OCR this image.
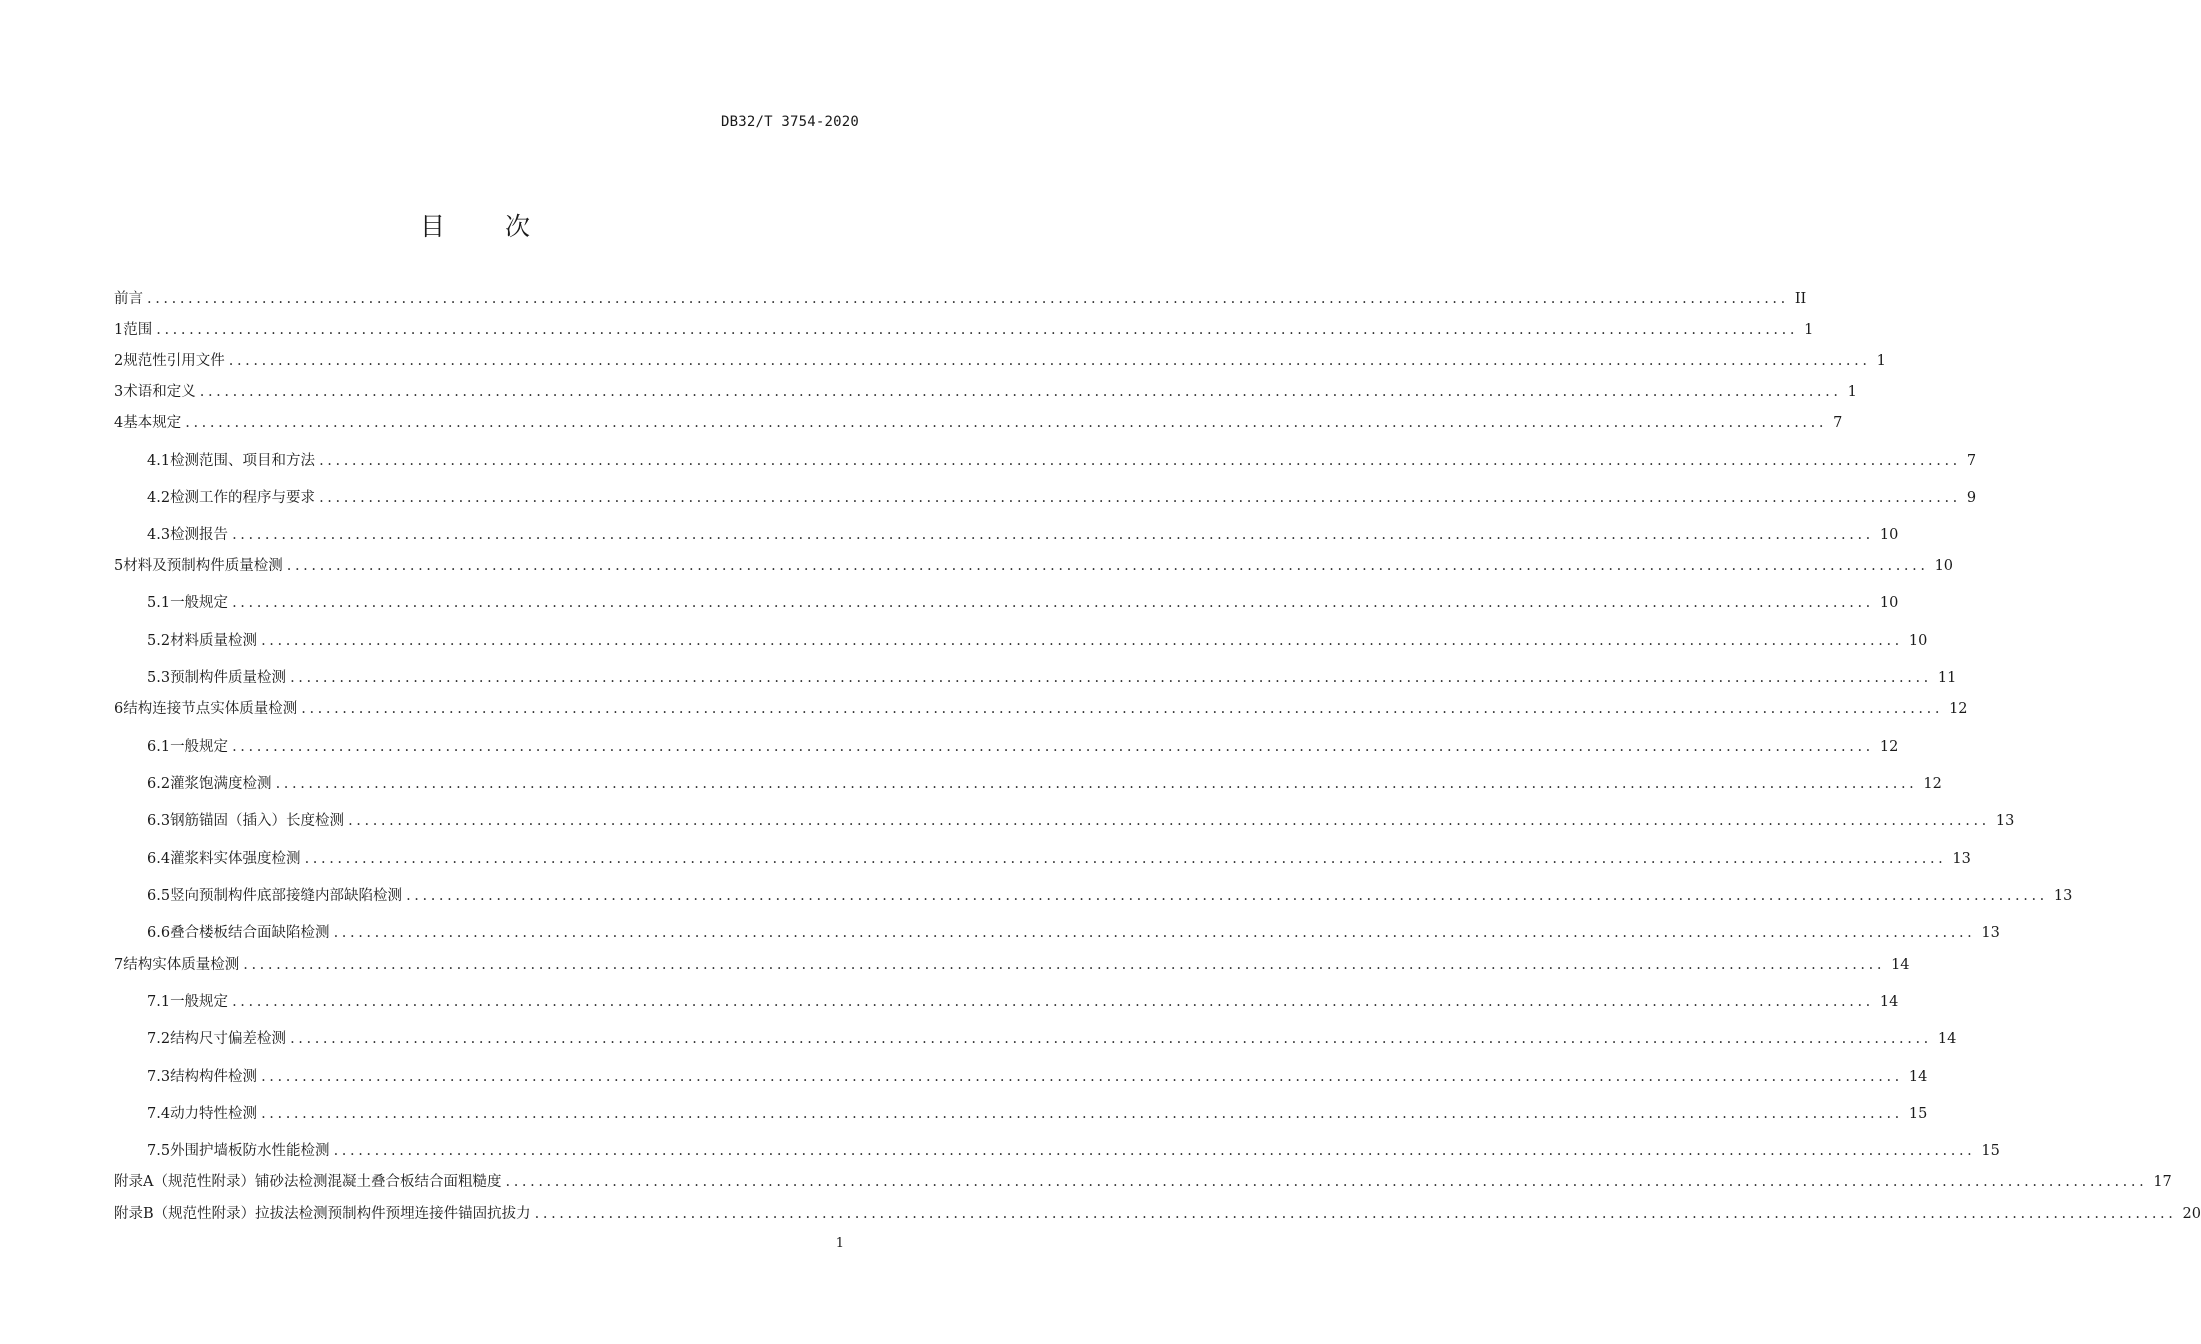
DB32/T 3754-2020
目 次
前言 ........................................................................................................................................................................................................ II
1 范围 ........................................................................................................................................................................................................ 1
2 规范性引用文件 ........................................................................................................................................................................................................ 1
3 术语和定义 ........................................................................................................................................................................................................ 1
4 基本规定 ........................................................................................................................................................................................................ 7
4.1 检测范围、项目和方法 ........................................................................................................................................................................................................ 7
4.2 检测工作的程序与要求 ........................................................................................................................................................................................................ 9
4.3 检测报告 ........................................................................................................................................................................................................ 10
5 材料及预制构件质量检测 ........................................................................................................................................................................................................ 10
5.1 一般规定 ........................................................................................................................................................................................................ 10
5.2 材料质量检测 ........................................................................................................................................................................................................ 10
5.3 预制构件质量检测 ........................................................................................................................................................................................................ 11
6 结构连接节点实体质量检测 ........................................................................................................................................................................................................ 12
6.1 一般规定 ........................................................................................................................................................................................................ 12
6.2 灌浆饱满度检测 ........................................................................................................................................................................................................ 12
6.3 钢筋锚固（插入）长度检测 ........................................................................................................................................................................................................ 13
6.4 灌浆料实体强度检测 ........................................................................................................................................................................................................ 13
6.5 竖向预制构件底部接缝内部缺陷检测 ........................................................................................................................................................................................................ 13
6.6 叠合楼板结合面缺陷检测 ........................................................................................................................................................................................................ 13
7 结构实体质量检测 ........................................................................................................................................................................................................ 14
7.1 一般规定 ........................................................................................................................................................................................................ 14
7.2 结构尺寸偏差检测 ........................................................................................................................................................................................................ 14
7.3 结构构件检测 ........................................................................................................................................................................................................ 14
7.4 动力特性检测 ........................................................................................................................................................................................................ 15
7.5 外围护墙板防水性能检测 ........................................................................................................................................................................................................ 15
附录A（规范性附录） 铺砂法检测混凝土叠合板结合面粗糙度 ........................................................................................................................................................................................................ 17
附录B（规范性附录） 拉拔法检测预制构件预埋连接件锚固抗拔力 ........................................................................................................................................................................................................ 20
1
